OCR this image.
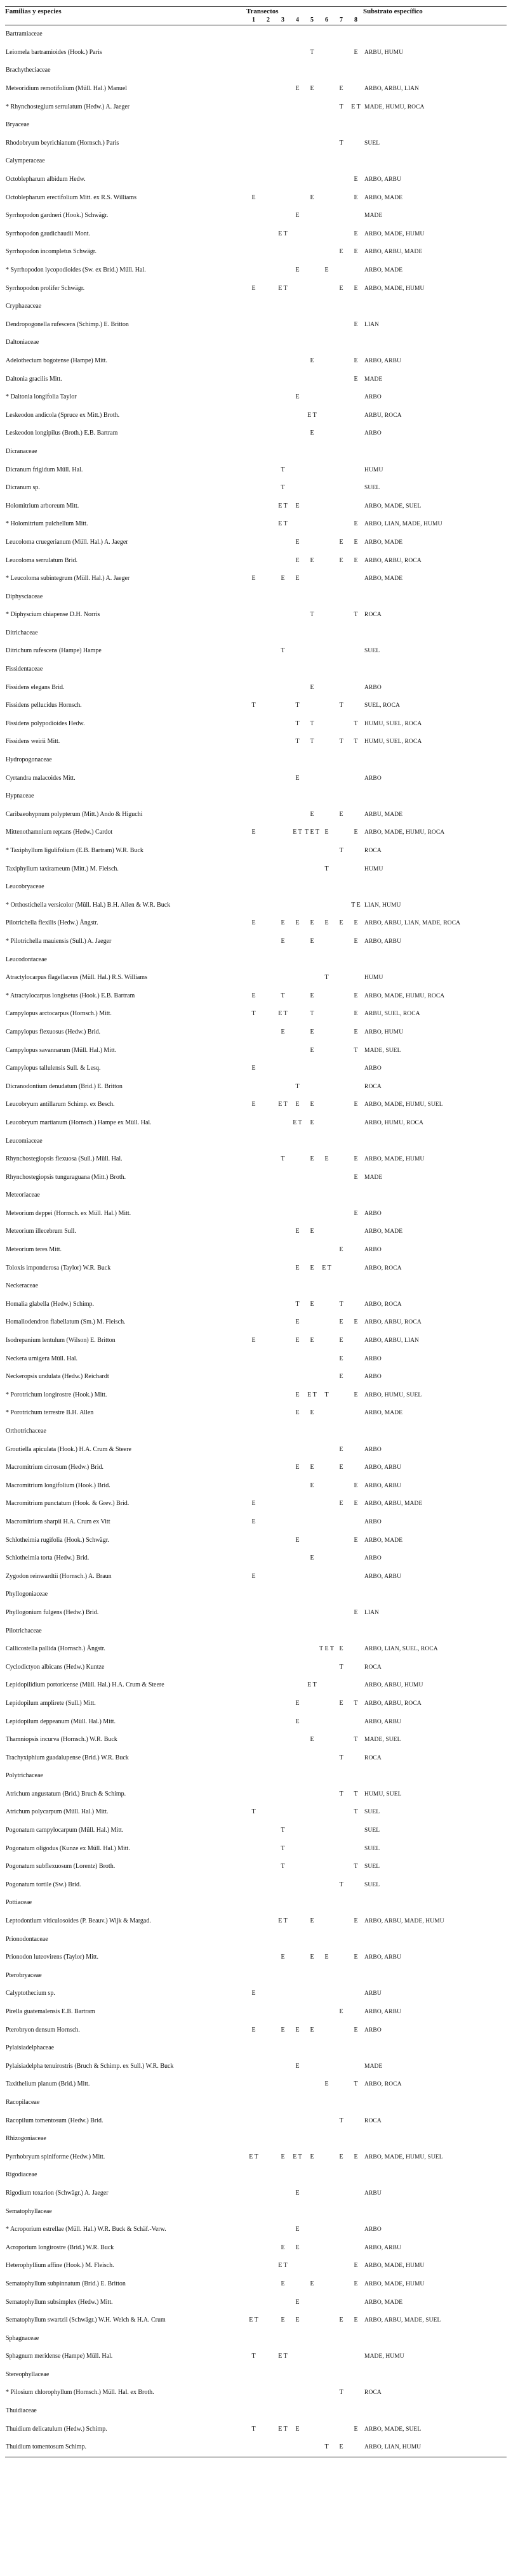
Familias y especies	Transectos								Substrato específico
	1	2	3	4	5	6	7	8	
Bartramiaceae									
Leiomela bartramioides (Hook.) Paris					T			E	ARBU, HUMU
Brachytheciaceae									
Meteoridium remotifolium (Müll. Hal.) Manuel				E	E		E		ARBO, ARBU, LIAN
* Rhynchostegium serrulatum (Hedw.) A. Jaeger							T	E T	MADE, HUMU, ROCA
Bryaceae									
Rhodobryum beyrichianum (Hornsch.) Paris							T		SUEL
Calymperaceae									
Octoblepharum albidum Hedw.								E	ARBO, ARBU
Octoblepharum erectifolium Mitt. ex R.S. Williams	E				E			E	ARBO, MADE
Syrrhopodon gardneri (Hook.) Schwägr.				E					MADE
Syrrhopodon gaudichaudii Mont.			E T					E	ARBO, MADE, HUMU
Syrrhopodon incompletus Schwägr.							E	E	ARBO, ARBU, MADE
* Syrrhopodon lycopodioides (Sw. ex Brid.) Müll. Hal.				E		E			ARBO, MADE
Syrrhopodon prolifer Schwägr.	E		E T				E	E	ARBO, MADE, HUMU
Cryphaeaceae									
Dendropogonella rufescens (Schimp.) E. Britton								E	LIAN
Daltoniaceae									
Adelothecium bogotense (Hampe) Mitt.					E			E	ARBO, ARBU
Daltonia gracilis Mitt.								E	MADE
* Daltonia longifolia Taylor				E					ARBO
Leskeodon andicola (Spruce ex Mitt.) Broth.					E T				ARBU, ROCA
Leskeodon longipilus (Broth.) E.B. Bartram					E				ARBO
Dicranaceae									
Dicranum frigidum Müll. Hal.			T						HUMU
Dicranum sp.			T						SUEL
Holomitrium arboreum Mitt.			E T	E					ARBO, MADE, SUEL
* Holomitrium pulchellum Mitt.			E T					E	ARBO, LIAN, MADE, HUMU
Leucoloma cruegerianum (Müll. Hal.) A. Jaeger				E			E	E	ARBO, MADE
Leucoloma serrulatum Brid.				E	E		E	E	ARBO, ARBU, ROCA
* Leucoloma subintegrum (Müll. Hal.) A. Jaeger	E		E	E					ARBO, MADE
Diphysciaceae									
* Diphyscium chiapense D.H. Norris					T			T	ROCA
Ditrichaceae									
Ditrichum rufescens (Hampe) Hampe			T						SUEL
Fissidentaceae									
Fissidens elegans Brid.					E				ARBO
Fissidens pellucidus Hornsch.	T			T			T		SUEL, ROCA
Fissidens polypodioides Hedw.				T	T			T	HUMU, SUEL, ROCA
Fissidens weirii Mitt.				T	T		T	T	HUMU, SUEL, ROCA
Hydropogonaceae									
Cyrtandra malacoides Mitt.				E					ARBO
Hypnaceae									
Caribaeohypnum polypterum (Mitt.) Ando & Higuchi					E		E		ARBU, MADE
Mittenothamnium reptans (Hedw.) Cardot	E			E T	T E T	E		E	ARBO, MADE, HUMU, ROCA
* Taxiphyllum ligulifolium (E.B. Bartram) W.R. Buck							T		ROCA
Taxiphyllum taxirameum (Mitt.) M. Fleisch.						T			HUMU
Leucobryaceae									
* Orthostichella versicolor (Müll. Hal.) B.H. Allen & W.R. Buck								T E	LIAN, HUMU
Pilotrichella flexilis (Hedw.) Ångstr.	E		E	E	E	E	E	E	ARBO, ARBU, LIAN, MADE, ROCA
* Pilotrichella mauiensis (Sull.) A. Jaeger			E		E			E	ARBO, ARBU
Leucodontaceae									
Atractylocarpus flagellaceus (Müll. Hal.) R.S. Williams						T			HUMU
* Atractylocarpus longisetus (Hook.) E.B. Bartram	E		T		E			E	ARBO, MADE, HUMU, ROCA
Campylopus arctocarpus (Hornsch.) Mitt.	T		E T		T			E	ARBU, SUEL, ROCA
Campylopus flexuosus (Hedw.) Brid.			E		E			E	ARBO, HUMU
Campylopus savannarum (Müll. Hal.) Mitt.					E			T	MADE, SUEL
Campylopus tallulensis Sull. & Lesq.	E								ARBO
Dicranodontium denudatum (Brid.) E. Britton				T					ROCA
Leucobryum antillarum Schimp. ex Besch.	E		E T	E	E			E	ARBO, MADE, HUMU, SUEL
Leucobryum martianum (Hornsch.) Hampe ex Müll. Hal.				E T	E				ARBO, HUMU, ROCA
Leucomiaceae									
Rhynchostegiopsis flexuosa (Sull.) Müll. Hal.			T		E	E		E	ARBO, MADE, HUMU
Rhynchostegiopsis tunguraguana (Mitt.) Broth.								E	MADE
Meteoriaceae									
Meteorium deppei (Hornsch. ex Müll. Hal.) Mitt.								E	ARBO
Meteorium illecebrum Sull.				E	E				ARBO, MADE
Meteorium teres Mitt.							E		ARBO
Toloxis imponderosa (Taylor) W.R. Buck				E	E	E T			ARBO, ROCA
Neckeraceae									
Homalia glabella (Hedw.) Schimp.				T	E		T		ARBO, ROCA
Homaliodendron flabellatum (Sm.) M. Fleisch.				E			E	E	ARBO, ARBU, ROCA
Isodrepanium lentulum (Wilson) E. Britton	E			E	E		E		ARBO, ARBU, LIAN
Neckera urnigera Müll. Hal.							E		ARBO
Neckeropsis undulata (Hedw.) Reichardt							E		ARBO
* Porotrichum longirostre (Hook.) Mitt.				E	E T	T		E	ARBO, HUMU, SUEL
* Porotrichum terrestre B.H. Allen				E	E				ARBO, MADE
Orthotrichaceae									
Groutiella apiculata (Hook.) H.A. Crum & Steere							E		ARBO
Macromitrium cirrosum (Hedw.) Brid.				E	E		E		ARBO, ARBU
Macromitrium longifolium (Hook.) Brid.					E			E	ARBO, ARBU
Macromitrium punctatum (Hook. & Grev.) Brid.	E						E	E	ARBO, ARBU, MADE
Macromitrium sharpii H.A. Crum ex Vitt	E								ARBO
Schlotheimia rugifolia (Hook.) Schwägr.				E				E	ARBO, MADE
Schlotheimia torta (Hedw.) Brid.					E				ARBO
Zygodon reinwardtii (Hornsch.) A. Braun	E								ARBO, ARBU
Phyllogoniaceae									
Phyllogonium fulgens (Hedw.) Brid.								E	LIAN
Pilotrichaceae									
Callicostella pallida (Hornsch.) Ångstr.						T E T	E		ARBO, LIAN, SUEL, ROCA
Cyclodictyon albicans (Hedw.) Kuntze							T		ROCA
Lepidopilidium portoricense (Müll. Hal.) H.A. Crum & Steere					E T				ARBO, ARBU, HUMU
Lepidopilum amplirete (Sull.) Mitt.				E			E	T	ARBO, ARBU, ROCA
Lepidopilum deppeanum (Müll. Hal.) Mitt.				E					ARBO, ARBU
Thamniopsis incurva (Hornsch.) W.R. Buck					E			T	MADE, SUEL
Trachyxiphium guadalupense (Brid.) W.R. Buck							T		ROCA
Polytrichaceae									
Atrichum angustatum (Brid.) Bruch & Schimp.							T	T	HUMU, SUEL
Atrichum polycarpum (Müll. Hal.) Mitt.	T							T	SUEL
Pogonatum campylocarpum (Müll. Hal.) Mitt.			T						SUEL
Pogonatum oligodus (Kunze ex Müll. Hal.) Mitt.			T						SUEL
Pogonatum subflexuosum (Lorentz) Broth.			T					T	SUEL
Pogonatum tortile (Sw.) Brid.							T		SUEL
Pottiaceae									
Leptodontium viticulosoides (P. Beauv.) Wijk & Margad.			E T		E			E	ARBO, ARBU, MADE, HUMU
Prionodontaceae									
Prionodon luteovirens (Taylor) Mitt.			E		E	E		E	ARBO, ARBU
Pterobryaceae									
Calyptothecium sp.	E								ARBU
Pirella guatemalensis E.B. Bartram							E		ARBO, ARBU
Pterobryon densum Hornsch.	E		E	E	E			E	ARBO
Pylaisiadelphaceae									
Pylaisiadelpha tenuirostris (Bruch & Schimp. ex Sull.) W.R. Buck				E					MADE
Taxithelium planum (Brid.) Mitt.						E		T	ARBO, ROCA
Racopilaceae									
Racopilum tomentosum (Hedw.) Brid.							T		ROCA
Rhizogoniaceae									
Pyrrhobryum spiniforme (Hedw.) Mitt.	E T		E	E T	E		E	E	ARBO, MADE, HUMU, SUEL
Rigodiaceae									
Rigodium toxarion (Schwägr.) A. Jaeger				E					ARBU
Sematophyllaceae									
* Acroporium estrellae (Müll. Hal.) W.R. Buck & Schäf.-Verw.				E					ARBO
Acroporium longirostre (Brid.) W.R. Buck			E	E					ARBO, ARBU
Heterophyllium affine (Hook.) M. Fleisch.			E T					E	ARBO, MADE, HUMU
Sematophyllum subpinnatum (Brid.) E. Britton			E		E			E	ARBO, MADE, HUMU
Sematophyllum subsimplex (Hedw.) Mitt.				E					ARBO, MADE
Sematophyllum swartzii (Schwägr.) W.H. Welch & H.A. Crum	E T		E	E			E	E	ARBO, ARBU, MADE, SUEL
Sphagnaceae									
Sphagnum meridense (Hampe) Müll. Hal.	T		E T						MADE, HUMU
Stereophyllaceae									
* Pilosium chlorophyllum (Hornsch.) Müll. Hal. ex Broth.							T		ROCA
Thuidiaceae									
Thuidium delicatulum (Hedw.) Schimp.	T		E T	E				E	ARBO, MADE, SUEL
Thuidium tomentosum Schimp.						T	E		ARBO, LIAN, HUMU
